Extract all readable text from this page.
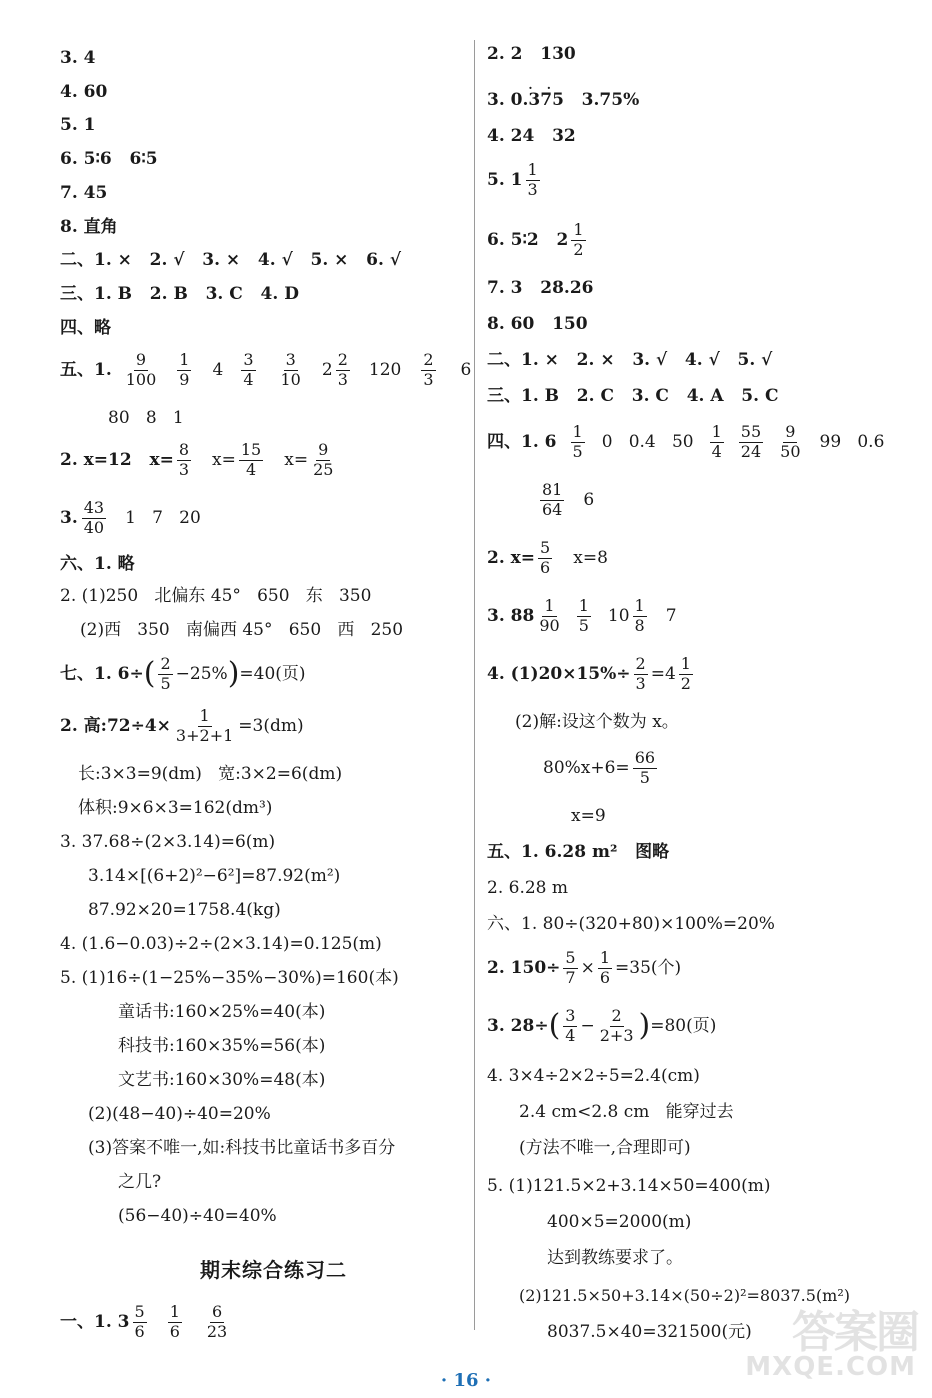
3. 4
4. 60
5. 1
6. 5∶6   6∶5
7. 45
8. 直角
二、1. ×   2. √   3. ×   4. √   5. ×   6. √
三、1. B   2. B   3. C   4. D
四、略
五、1. $\frac{9}{100} \frac{1}{9} 4 \frac{3}{4} \frac{3}{10} 2 \frac{2}{3} 120 \frac{2}{3} 6$
80   8   1
2. x=12   $x= \frac{8}{3} x= \frac{15}{4} x= \frac{9}{25}$
3. $\frac{43}{40} 1$   7   20
六、1. 略
2. (1)250   北偏东 45°   650   东   350
(2)西   350   南偏西 45°   650   西   250
七、1. 6÷ ( $\frac{2}{5} -25\%$ ) =40(页)
2. 高:72÷4× $\frac{1}{3+2+1} =3(dm)$
长:3×3=9(dm)   宽:3×2=6(dm)
体积:9×6×3=162(dm³)
3. 37.68÷(2×3.14)=6(m)
3.14×[(6+2)²−6²]=87.92(m²)
87.92×20=1758.4(kg)
4. (1.6−0.03)÷2÷(2×3.14)=0.125(m)
5. (1)16÷(1−25%−35%−30%)=160(本)
童话书:160×25%=40(本)
科技书:160×35%=56(本)
文艺书:160×30%=48(本)
(2)(48−40)÷40=20%
(3)答案不唯一,如:科技书比童话书多百分
之几?
(56−40)÷40=40%
一、1. $3 \frac{5}{6} \frac{1}{6} \frac{6}{23}$
期末综合练习二
2. 2   130
3. 0.
· · 375 3.75%
4. 24   32
5. $1 \frac{1}{3}$
6. 5∶2   $2 \frac{1}{2}$
7. 3   28.26
8. 60   150
二、1. ×   2. ×   3. √   4. √   5. √
三、1. B   2. C   3. C   4. A   5. C
四、1. $6 \frac{1}{5} 0$   0.4   $50 \frac{1}{4} \frac{55}{24} \frac{9}{50} 99$   0.6
$\frac{81}{64} 6$
2. $x= \frac{5}{6} x=8$
3. $88 \frac{1}{90} \frac{1}{5} 10 \frac{1}{8} 7$
4. $(1)20\times 15\%\div \frac{2}{3} =4 \frac{1}{2}$
(2)解:设这个数为 x。
$80\%x+6= \frac{66}{5}$
x=9
五、1. 6.28 m²   图略
2. 6.28 m
六、1. 80÷(320+80)×100%=20%
2. $150\div \frac{5}{7} \times \frac{1}{6} =35$(个)
3. 28÷ ( $\frac{3}{4} - \frac{2}{2+3}$ ) =80(页)
4. 3×4÷2×2÷5=2.4(cm)
2.4 cm<2.8 cm   能穿过去
(方法不唯一,合理即可)
5. (1)121.5×2+3.14×50=400(m)
400×5=2000(m)
达到教练要求了。
(2)121.5×50+3.14×(50÷2)²=8037.5(m²)
8037.5×40=321500(元)
· 16 ·
答案圈
MXQE.COM
